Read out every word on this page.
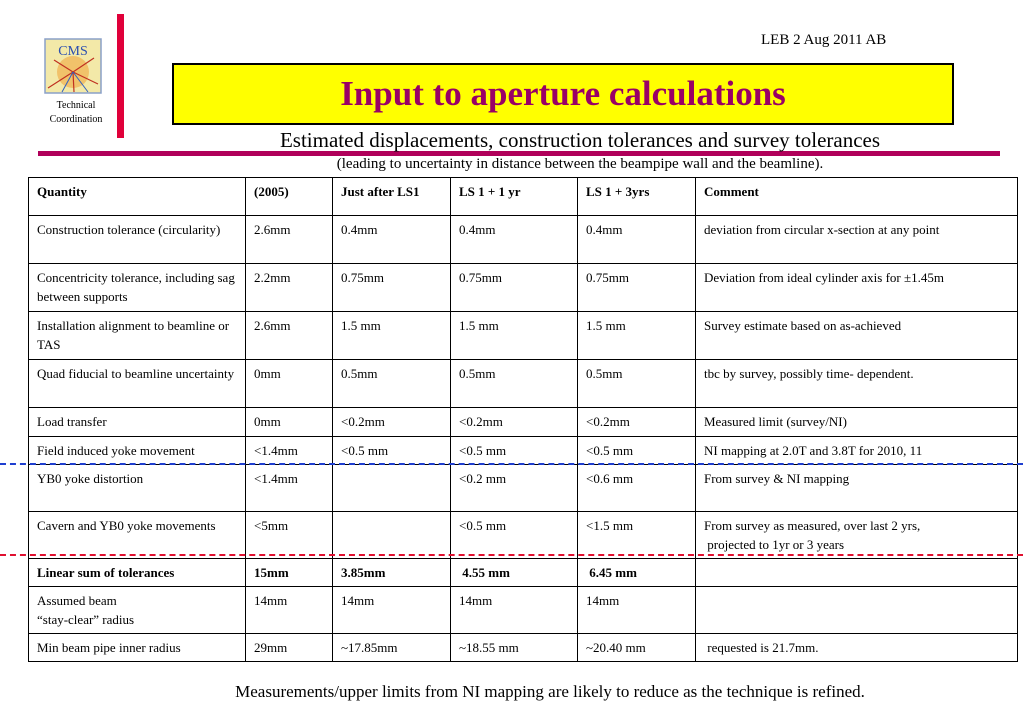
CMS
Technical
Coordination
LEB 2 Aug 2011 AB
Input to aperture calculations
Estimated displacements, construction tolerances and survey tolerances
(leading to uncertainty in distance between the beampipe wall and the beamline).
Quantity	(2005)	Just after LS1	LS 1 + 1 yr	LS 1 + 3yrs	Comment
Construction tolerance (circularity)	2.6mm	0.4mm	0.4mm	0.4mm	deviation from circular x-section at any point
Concentricity tolerance, including sag between supports	2.2mm	0.75mm	0.75mm	0.75mm	Deviation from ideal cylinder axis for ±1.45m
Installation alignment to beamline or TAS	2.6mm	1.5 mm	1.5 mm	1.5 mm	Survey estimate based on as-achieved
Quad fiducial to beamline uncertainty	0mm	0.5mm	0.5mm	0.5mm	tbc by survey, possibly time- dependent.
Load transfer	0mm	<0.2mm	<0.2mm	<0.2mm	Measured limit (survey/NI)
Field induced yoke movement	<1.4mm	<0.5 mm	<0.5 mm	<0.5 mm	NI mapping at 2.0T and 3.8T for 2010, 11
YB0 yoke distortion	<1.4mm		<0.2 mm	<0.6 mm	From survey & NI mapping
Cavern and YB0 yoke movements	<5mm		<0.5 mm	<1.5 mm	From survey as measured, over last 2 yrs,
projected to 1yr or 3 years

Linear sum of tolerances	15mm	3.85mm	4.55 mm	6.45 mm	

Assumed beam
“stay-clear” radius	14mm	14mm	14mm	14mm	
Min beam pipe inner radius	29mm	~17.85mm	~18.55 mm	~20.40 mm	requested is 21.7mm.
Measurements/upper limits from NI mapping are likely to reduce as the technique is refined.
